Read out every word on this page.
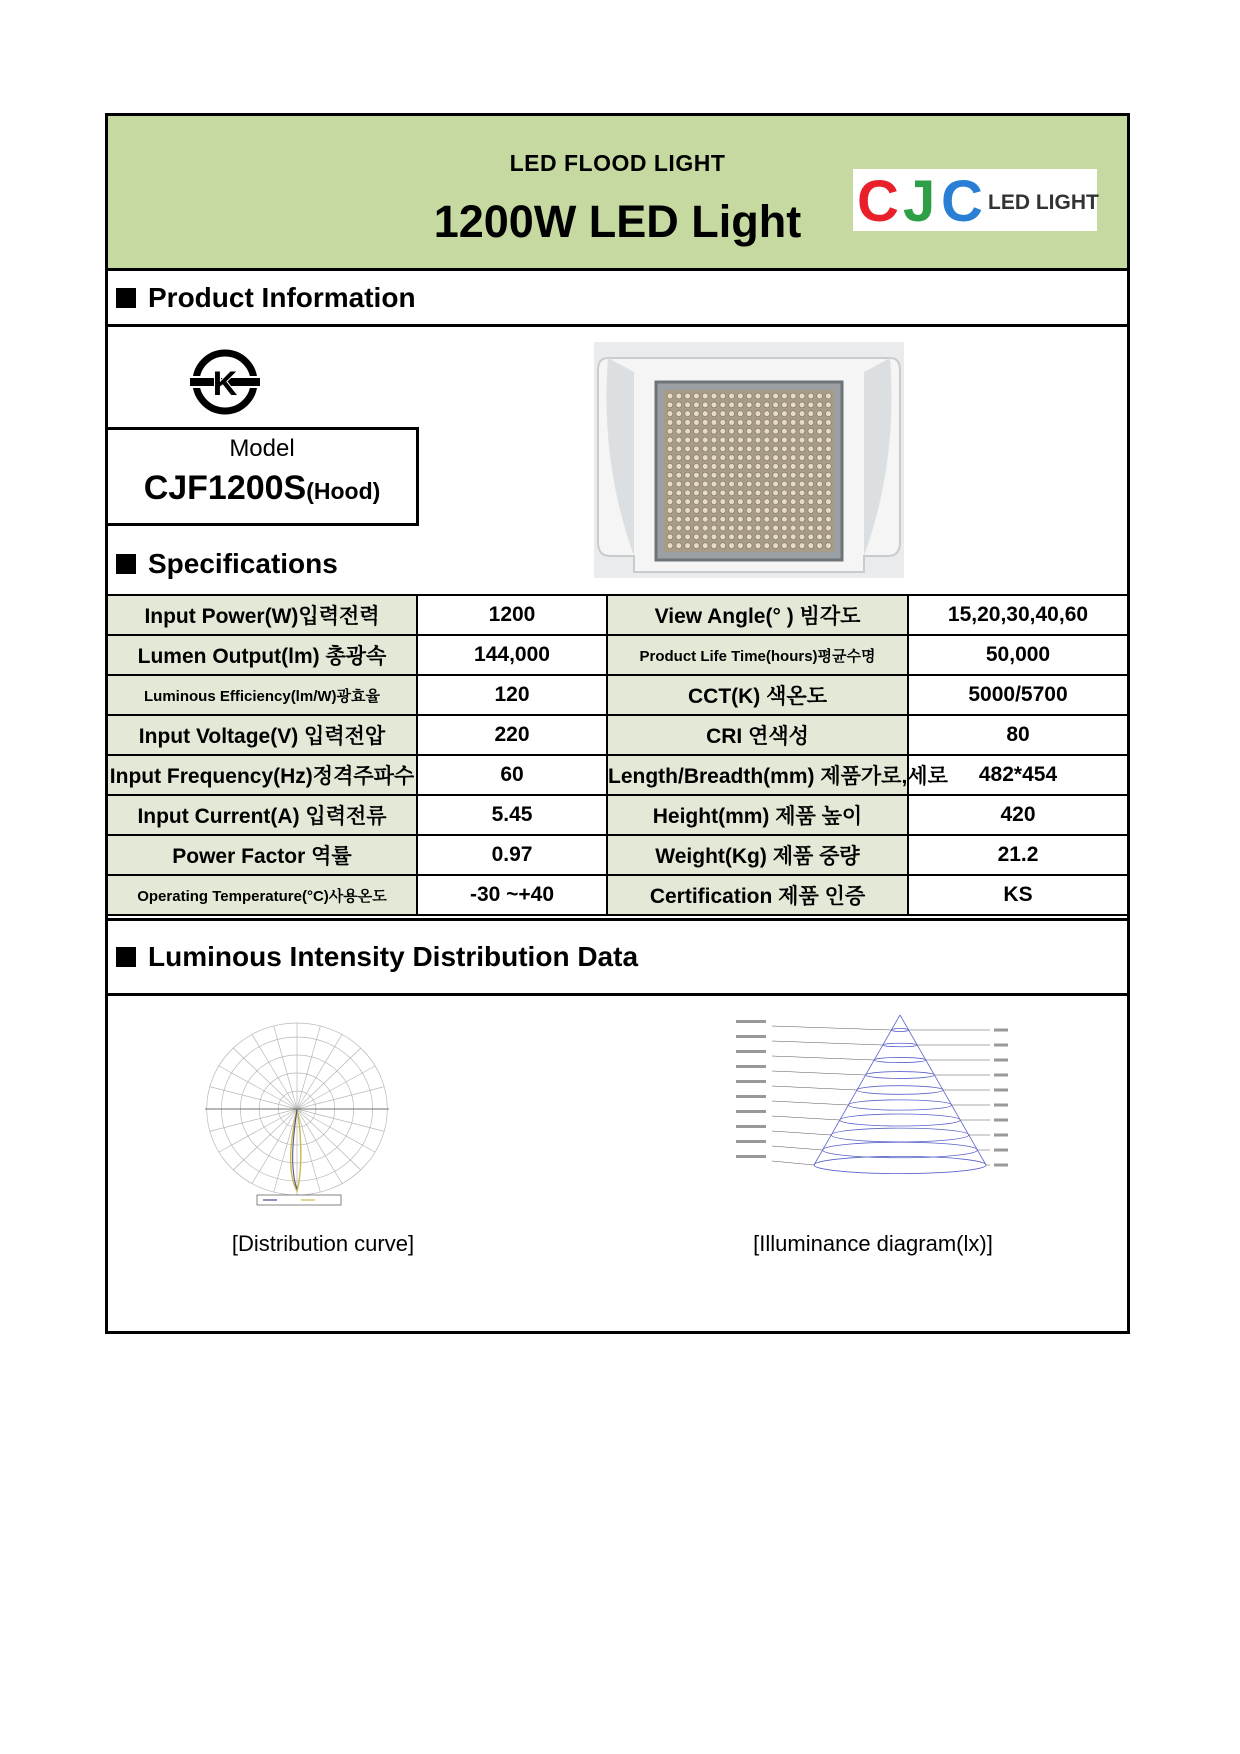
LED FLOOD LIGHT
1200W LED Light C J C LED LIGHT
Product Information
K
Model
CJF1200S(Hood)
Specifications
Input Power(W)입력전력	1200	View Angle(° ) 빔각도	15,20,30,40,60
Lumen Output(lm) 총광속	144,000	Product Life Time(hours)평균수명	50,000
Luminous Efficiency(lm/W)광효율	120	CCT(K) 색온도	5000/5700
Input Voltage(V) 입력전압	220	CRI 연색성	80
Input Frequency(Hz)정격주파수	60	Length/Breadth(mm) 제품가로,세로	482*454
Input Current(A) 입력전류	5.45	Height(mm) 제품 높이	420
Power Factor 역률	0.97	Weight(Kg) 제품 중량	21.2
Operating Temperature(°C)사용온도	-30 ~+40	Certification 제품 인증	KS
Luminous Intensity Distribution Data
[Distribution curve]	[Illuminance diagram(lx)]
